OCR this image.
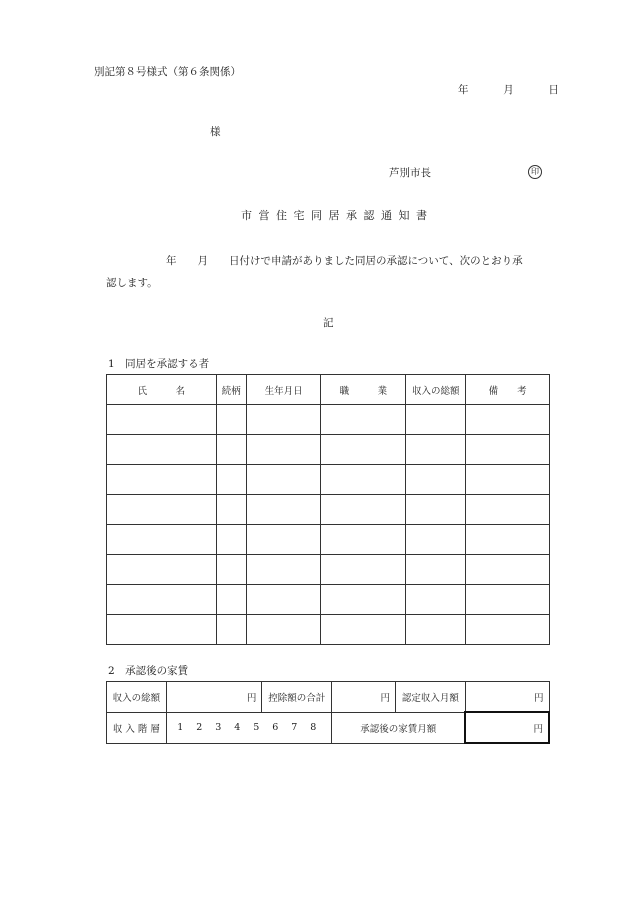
別記第８号様式（第６条関係）
年	月	日
様
芦別市長	印
市営住宅同居承認通知書
年　　月　　日付けで申請がありました同居の承認について、次のとおり承
認します。
記
1　同居を承認する者
氏　　　名	続柄	生年月日	職　　　業	収入の総額	備　　考

2　承認後の家賃
収入の総額	円	控除額の合計	円	認定収入月額	円
収 入 階 層	1 2 3 4 5 6 7 8		承認後の家賃月額		円
